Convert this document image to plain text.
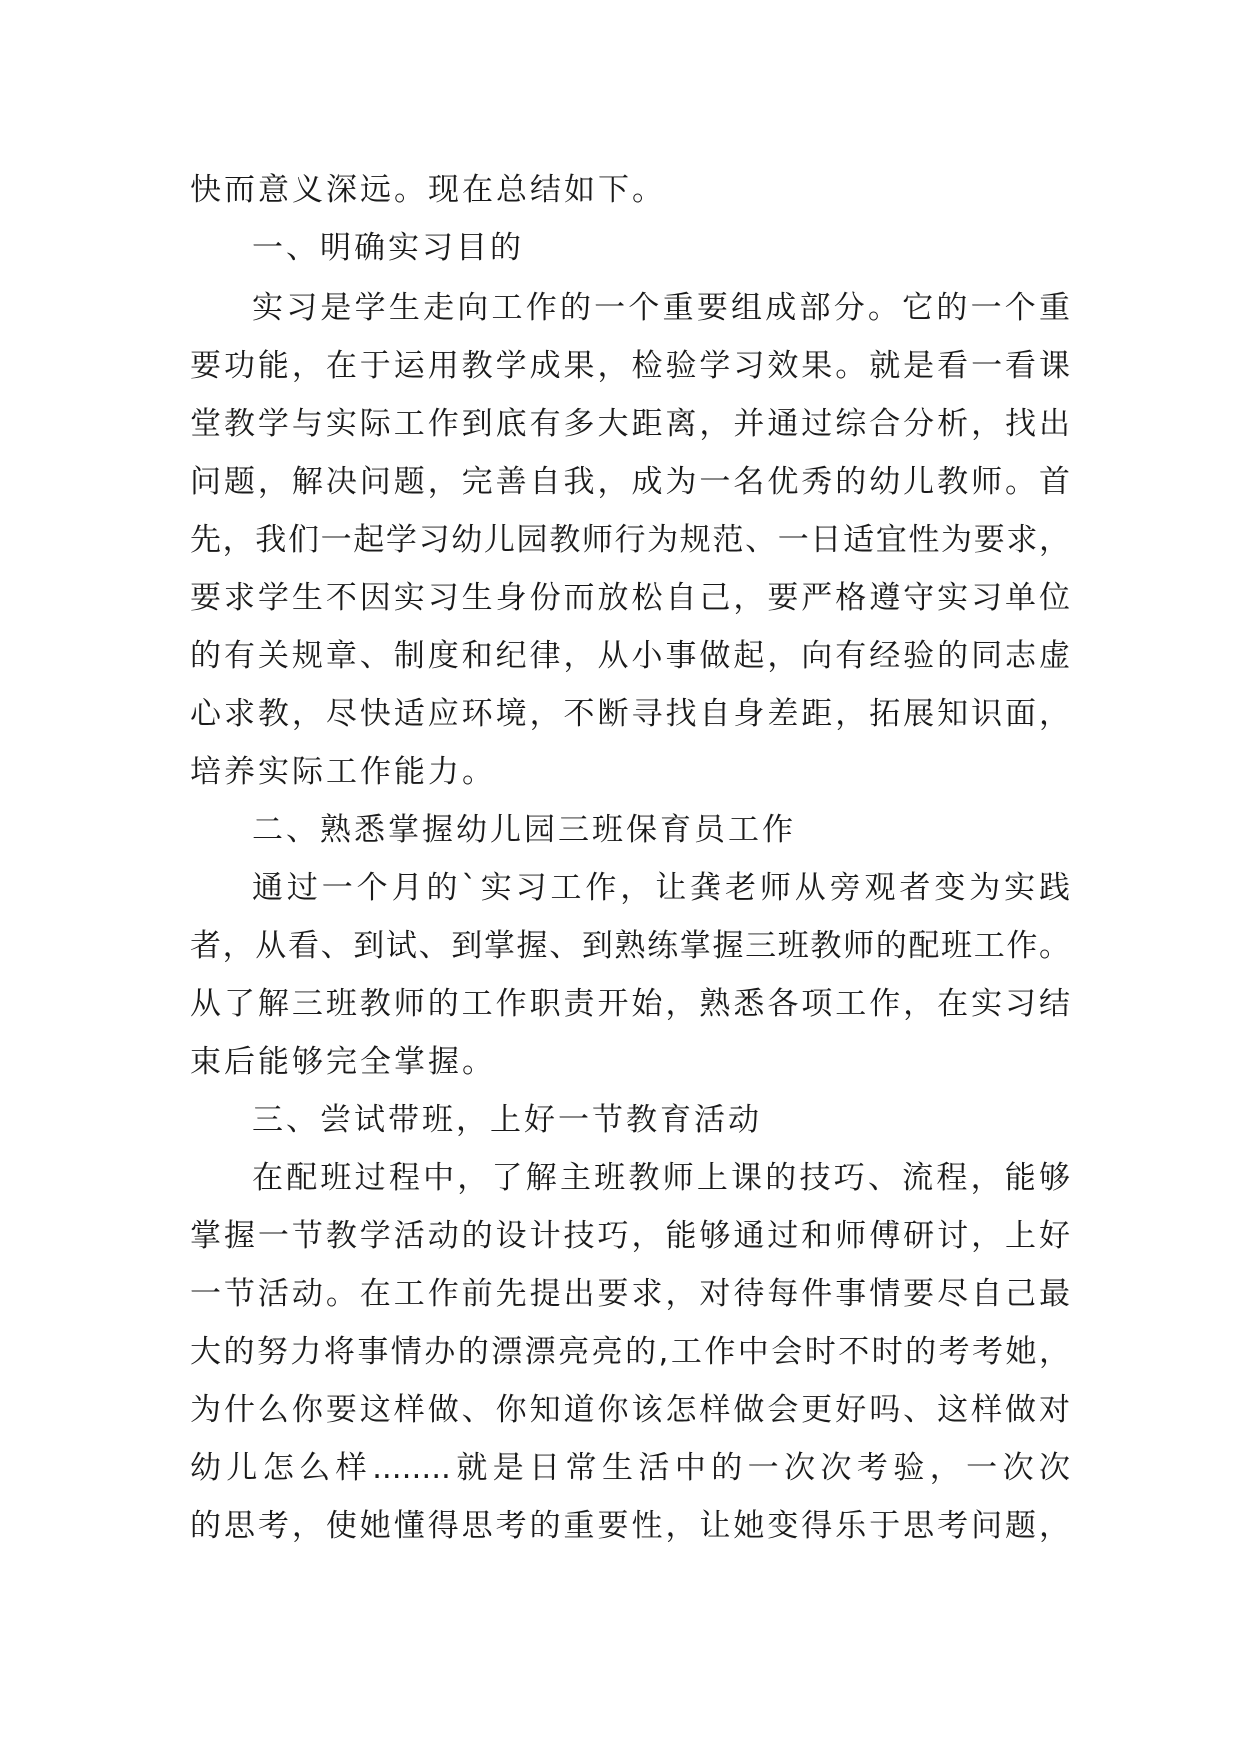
快而意义深远。现在总结如下。
一、明确实习目的
实习是学生走向工作的一个重要组成部分。它的一个重
要功能，在于运用教学成果，检验学习效果。就是看一看课
堂教学与实际工作到底有多大距离，并通过综合分析，找出
问题，解决问题，完善自我，成为一名优秀的幼儿教师。首
先，我们一起学习幼儿园教师行为规范、一日适宜性为要求，
要求学生不因实习生身份而放松自己，要严格遵守实习单位
的有关规章、制度和纪律，从小事做起，向有经验的同志虚
心求教，尽快适应环境，不断寻找自身差距，拓展知识面，
培养实际工作能力。
二、熟悉掌握幼儿园三班保育员工作
通过一个月的`实习工作，让龚老师从旁观者变为实践
者，从看、到试、到掌握、到熟练掌握三班教师的配班工作。
从了解三班教师的工作职责开始，熟悉各项工作，在实习结
束后能够完全掌握。
三、尝试带班，上好一节教育活动
在配班过程中，了解主班教师上课的技巧、流程，能够
掌握一节教学活动的设计技巧，能够通过和师傅研讨，上好
一节活动。在工作前先提出要求，对待每件事情要尽自己最
大的努力将事情办的漂漂亮亮的,工作中会时不时的考考她，
为什么你要这样做、你知道你该怎样做会更好吗、这样做对
幼儿怎么样........就是日常生活中的一次次考验，一次次
的思考，使她懂得思考的重要性，让她变得乐于思考问题，
